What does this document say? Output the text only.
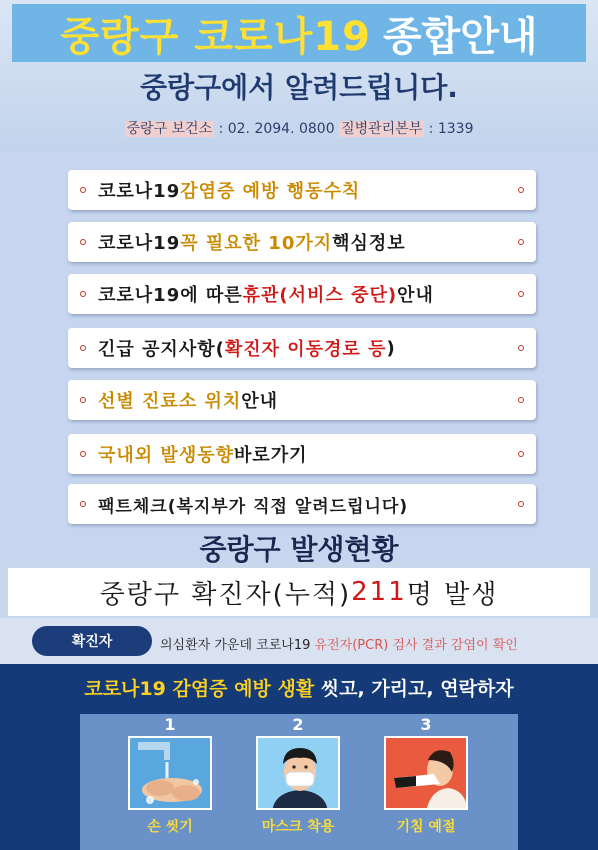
중랑구 코로나19 종합안내
중랑구에서 알려드립니다.
중랑구 보건소 : 02. 2094. 0800 질병관리본부 : 1339
코로나19 감염증 예방 행동수칙
코로나19 꼭 필요한 10가지 핵심정보
코로나19에 따른 휴관(서비스 중단) 안내
긴급 공지사항( 확진자 이동경로 등 )
선별 진료소 위치 안내
국내외 발생동향 바로가기
팩트체크(복지부가 직접 알려드립니다)
중랑구 발생현황
중랑구 확진자(누적) 211 명 발생
확진자	의심환자 가운데 코로나19 유전자(PCR) 검사 결과 감염이 확인
코로나19 감염증 예방 생활 씻고, 가리고, 연락하자
1
손 씻기
2
마스크 착용
3
기침 예절
